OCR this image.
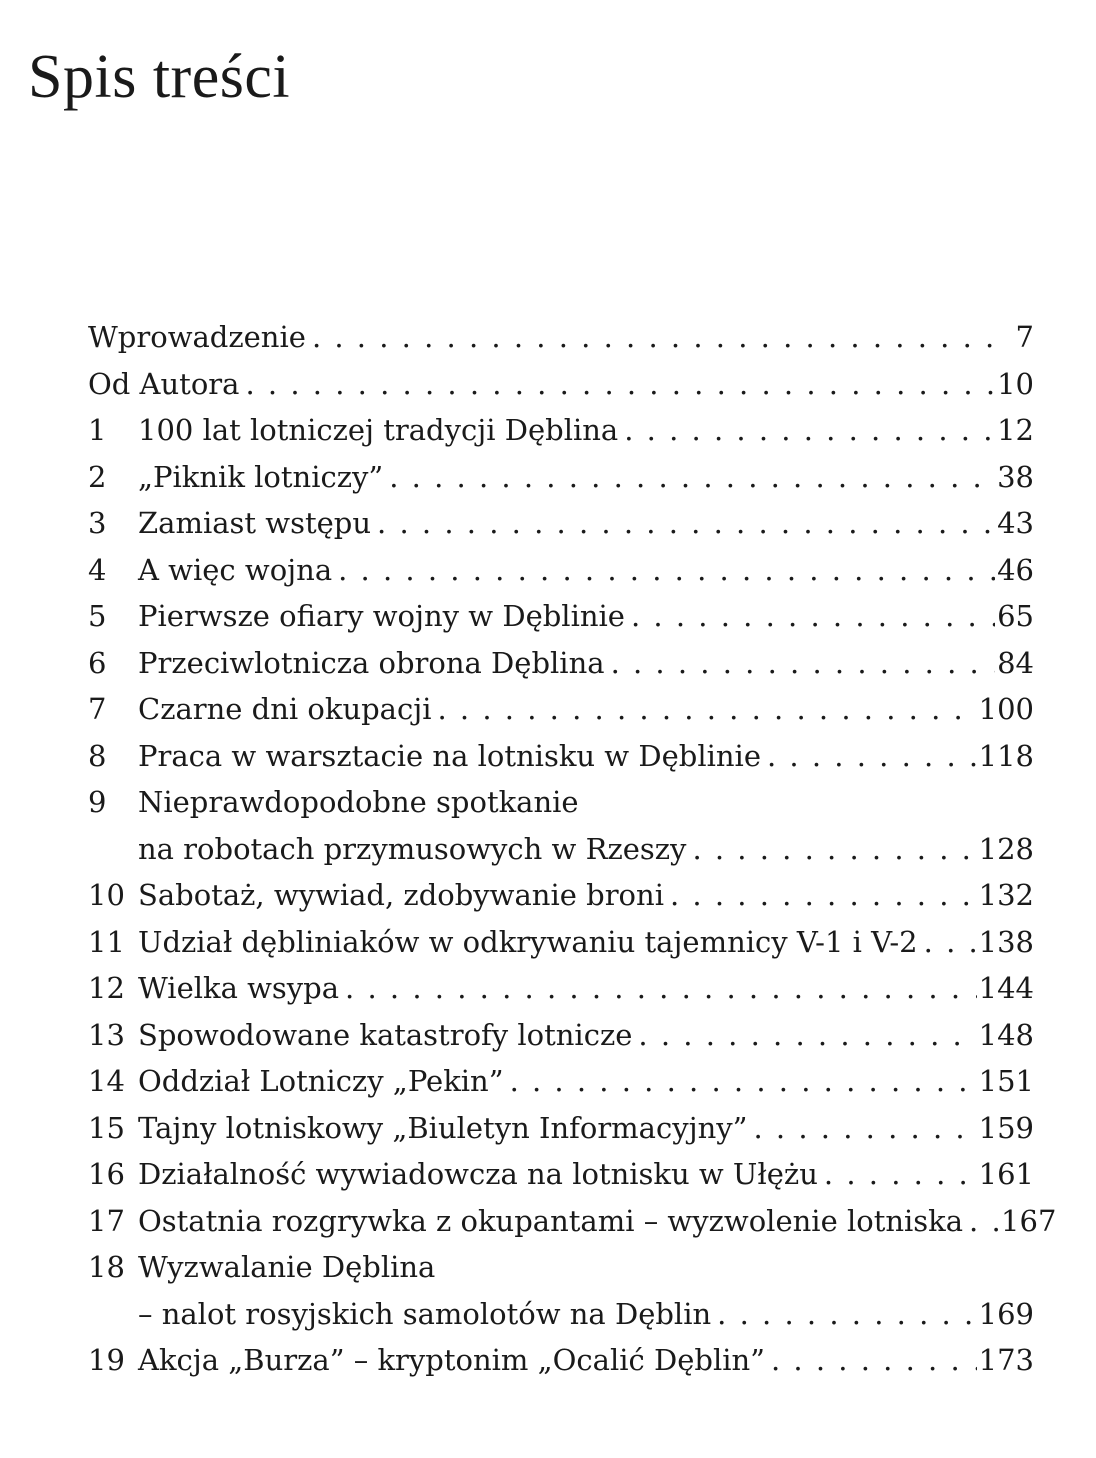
Spis treści
Wprowadzenie . . .	7
Od Autora . . .	10
1	100 lat lotniczej tradycji Dęblina . . .	12
2	„Piknik lotniczy” . . .	38
3	Zamiast wstępu . . .	43
4	A więc wojna . . .	46
5	Pierwsze ofiary wojny w Dęblinie . . .	65
6	Przeciwlotnicza obrona Dęblina . . .	84
7	Czarne dni okupacji . . .	100
8	Praca w warsztacie na lotnisku w Dęblinie . . .	118
9	Nieprawdopodobne spotkanie
na robotach przymusowych w Rzeszy . . .	128
10 Sabotaż, wywiad, zdobywanie broni . . .	132
11 Udział dębliniaków w odkrywaniu tajemnicy V-1 i V-2 . . . 138
12 Wielka wsypa . . .	144
13 Spowodowane katastrofy lotnicze . . .	148
14 Oddział Lotniczy „Pekin” . . .	151
15 Tajny lotniskowy „Biuletyn Informacyjny” . . .	159
16 Działalność wywiadowcza na lotnisku w Ułężu . . .	161
17 Ostatnia rozgrywka z okupantami – wyzwolenie lotniska . . . 167
18 Wyzwalanie Dęblina
– nalot rosyjskich samolotów na Dęblin . . .	169
19 Akcja „Burza” – kryptonim „Ocalić Dęblin” . . .	173
